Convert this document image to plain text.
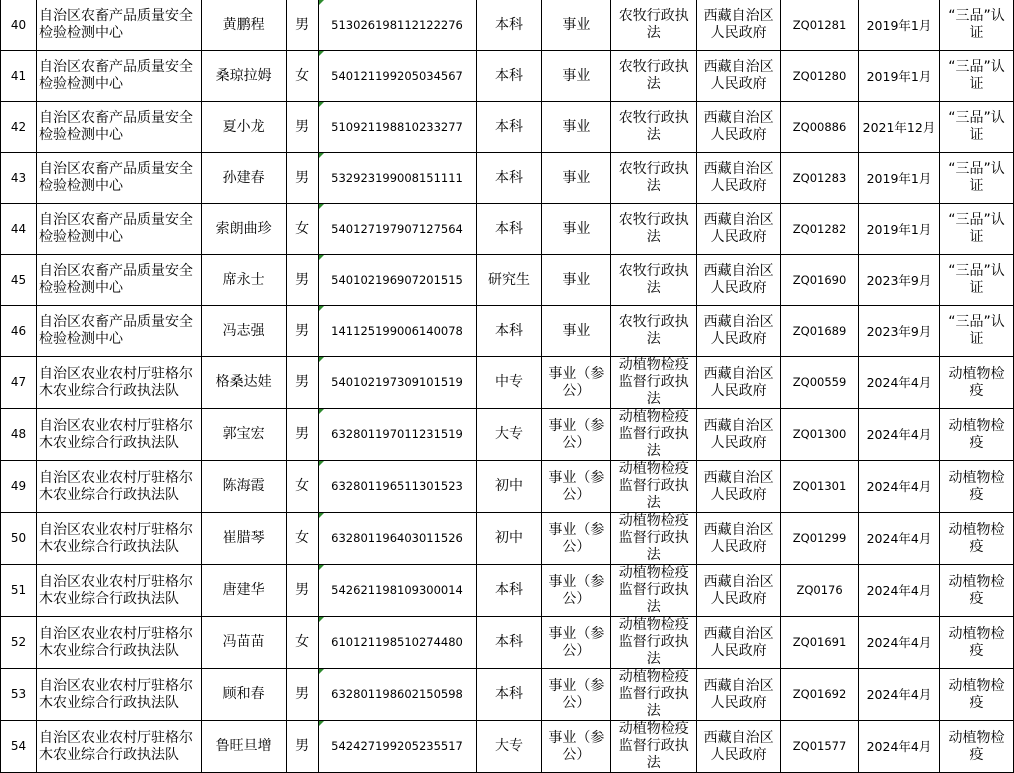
40	自治区农畜产品质量安全检验检测中心	黄鹏程	男	513026198112122276	本科	事业	农牧行政执法	西藏自治区人民政府	ZQ01281	2019年1月	“三品”认证
41	自治区农畜产品质量安全检验检测中心	桑琼拉姆	女	540121199205034567	本科	事业	农牧行政执法	西藏自治区人民政府	ZQ01280	2019年1月	“三品”认证
42	自治区农畜产品质量安全检验检测中心	夏小龙	男	510921198810233277	本科	事业	农牧行政执法	西藏自治区人民政府	ZQ00886	2021年12月	“三品”认证
43	自治区农畜产品质量安全检验检测中心	孙建春	男	532923199008151111	本科	事业	农牧行政执法	西藏自治区人民政府	ZQ01283	2019年1月	“三品”认证
44	自治区农畜产品质量安全检验检测中心	索朗曲珍	女	540127197907127564	本科	事业	农牧行政执法	西藏自治区人民政府	ZQ01282	2019年1月	“三品”认证
45	自治区农畜产品质量安全检验检测中心	席永士	男	540102196907201515	研究生	事业	农牧行政执法	西藏自治区人民政府	ZQ01690	2023年9月	“三品”认证
46	自治区农畜产品质量安全检验检测中心	冯志强	男	141125199006140078	本科	事业	农牧行政执法	西藏自治区人民政府	ZQ01689	2023年9月	“三品”认证
47	自治区农业农村厅驻格尔木农业综合行政执法队	格桑达娃	男	540102197309101519	中专	事业（参公）	动植物检疫监督行政执法	西藏自治区人民政府	ZQ00559	2024年4月	动植物检疫
48	自治区农业农村厅驻格尔木农业综合行政执法队	郭宝宏	男	632801197011231519	大专	事业（参公）	动植物检疫监督行政执法	西藏自治区人民政府	ZQ01300	2024年4月	动植物检疫
49	自治区农业农村厅驻格尔木农业综合行政执法队	陈海霞	女	632801196511301523	初中	事业（参公）	动植物检疫监督行政执法	西藏自治区人民政府	ZQ01301	2024年4月	动植物检疫
50	自治区农业农村厅驻格尔木农业综合行政执法队	崔腊琴	女	632801196403011526	初中	事业（参公）	动植物检疫监督行政执法	西藏自治区人民政府	ZQ01299	2024年4月	动植物检疫
51	自治区农业农村厅驻格尔木农业综合行政执法队	唐建华	男	542621198109300014	本科	事业（参公）	动植物检疫监督行政执法	西藏自治区人民政府	ZQ0176	2024年4月	动植物检疫
52	自治区农业农村厅驻格尔木农业综合行政执法队	冯苗苗	女	610121198510274480	本科	事业（参公）	动植物检疫监督行政执法	西藏自治区人民政府	ZQ01691	2024年4月	动植物检疫
53	自治区农业农村厅驻格尔木农业综合行政执法队	顾和春	男	632801198602150598	本科	事业（参公）	动植物检疫监督行政执法	西藏自治区人民政府	ZQ01692	2024年4月	动植物检疫
54	自治区农业农村厅驻格尔木农业综合行政执法队	鲁旺旦增	男	542427199205235517	大专	事业（参公）	动植物检疫监督行政执法	西藏自治区人民政府	ZQ01577	2024年4月	动植物检疫
